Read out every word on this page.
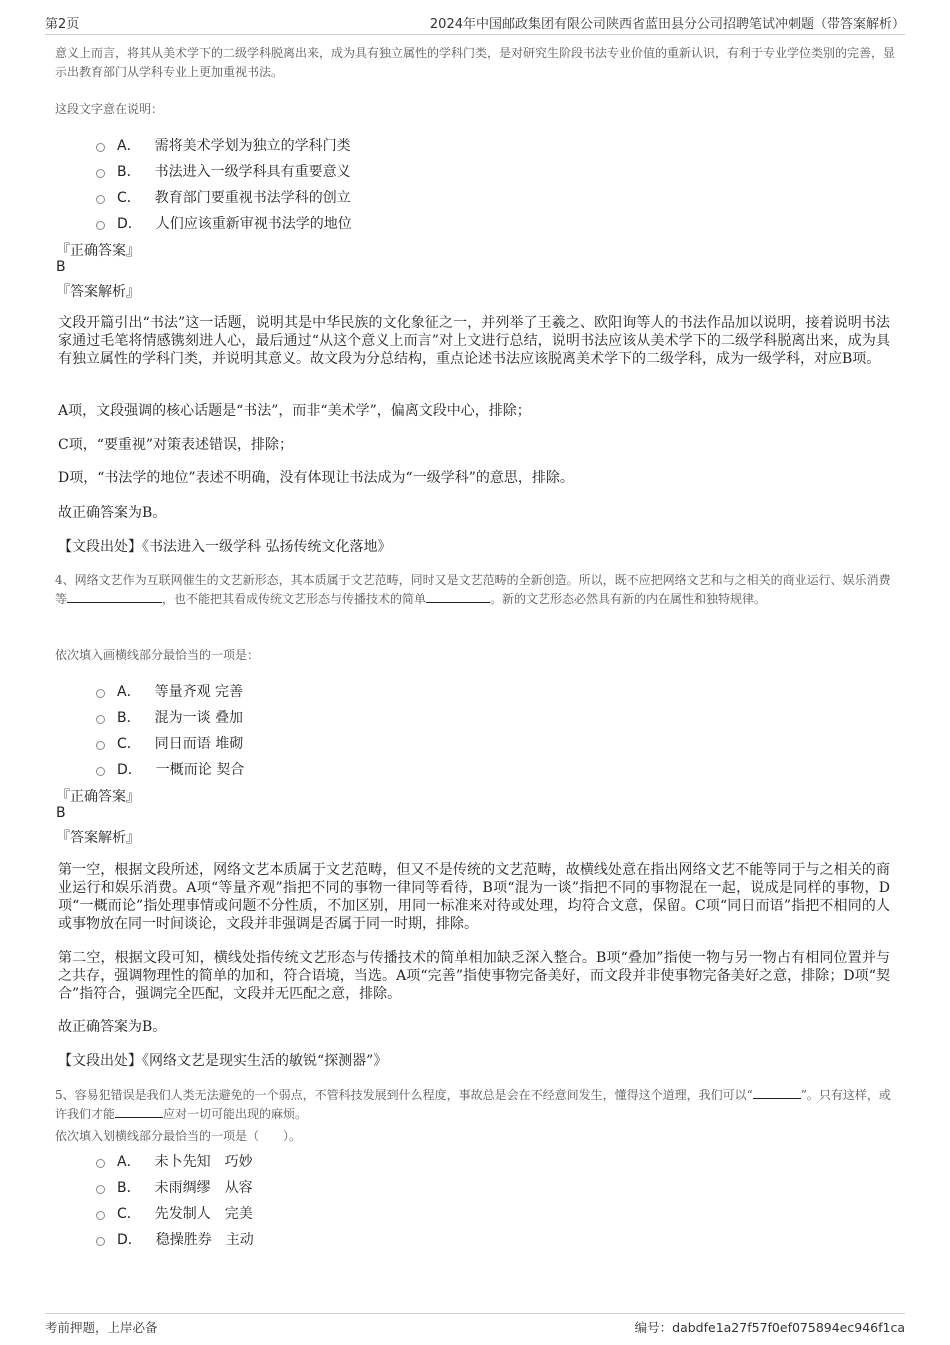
第2页	2024年中国邮政集团有限公司陕西省蓝田县分公司招聘笔试冲刺题（带答案解析）
意义上而言，将其从美术学下的二级学科脱离出来，成为具有独立属性的学科门类，是对研究生阶段书法专业价值的重新认识，有利于专业学位类别的完善，显示出教育部门从学科专业上更加重视书法。
这段文字意在说明：
A． 需将美术学划为独立的学科门类
B． 书法进入一级学科具有重要意义
C． 教育部门要重视书法学科的创立
D． 人们应该重新审视书法学的地位
『正确答案』
B
『答案解析』
文段开篇引出“书法”这一话题，说明其是中华民族的文化象征之一，并列举了王羲之、欧阳询等人的书法作品加以说明，接着说明书法家通过毛笔将情感镌刻进人心，最后通过“从这个意义上而言”对上文进行总结，说明书法应该从美术学下的二级学科脱离出来，成为具有独立属性的学科门类，并说明其意义。故文段为分总结构，重点论述书法应该脱离美术学下的二级学科，成为一级学科，对应B项。
A项，文段强调的核心话题是“书法”，而非“美术学”，偏离文段中心，排除；
C项，“要重视”对策表述错误，排除；
D项，“书法学的地位”表述不明确，没有体现让书法成为“一级学科”的意思，排除。
故正确答案为B。
【文段出处】《书法进入一级学科 弘扬传统文化落地》
4、网络文艺作为互联网催生的文艺新形态，其本质属于文艺范畴，同时又是文艺范畴的全新创造。所以，既不应把网络文艺和与之相关的商业运行、娱乐消费等	，也不能把其看成传统文艺形态与传播技术的简单	。新的文艺形态必然具有新的内在属性和独特规律。
依次填入画横线部分最恰当的一项是：
A． 等量齐观 完善
B． 混为一谈 叠加
C． 同日而语 堆砌
D． 一概而论 契合
『正确答案』
B
『答案解析』
第一空，根据文段所述，网络文艺本质属于文艺范畴，但又不是传统的文艺范畴，故横线处意在指出网络文艺不能等同于与之相关的商业运行和娱乐消费。A项“等量齐观”指把不同的事物一律同等看待，B项“混为一谈”指把不同的事物混在一起，说成是同样的事物，D项“一概而论”指处理事情或问题不分性质，不加区别，用同一标准来对待或处理，均符合文意，保留。C项“同日而语”指把不相同的人或事物放在同一时间谈论，文段并非强调是否属于同一时期，排除。
第二空，根据文段可知，横线处指传统文艺形态与传播技术的简单相加缺乏深入整合。B项“叠加”指使一物与另一物占有相同位置并与之共存，强调物理性的简单的加和，符合语境，当选。A项“完善”指使事物完备美好，而文段并非使事物完备美好之意，排除；D项“契合”指符合，强调完全匹配，文段并无匹配之意，排除。
故正确答案为B。
【文段出处】《网络文艺是现实生活的敏锐“探测器”》
5、容易犯错误是我们人类无法避免的一个弱点，不管科技发展到什么程度，事故总是会在不经意间发生，懂得这个道理，我们可以“	”。只有这样，或许我们才能	应对一切可能出现的麻烦。
依次填入划横线部分最恰当的一项是（　　）。
A． 未卜先知 巧妙
B． 未雨绸缪 从容
C． 先发制人 完美
D． 稳操胜券 主动
考前押题，上岸必备	编号：dabdfe1a27f57f0ef075894ec946f1ca
